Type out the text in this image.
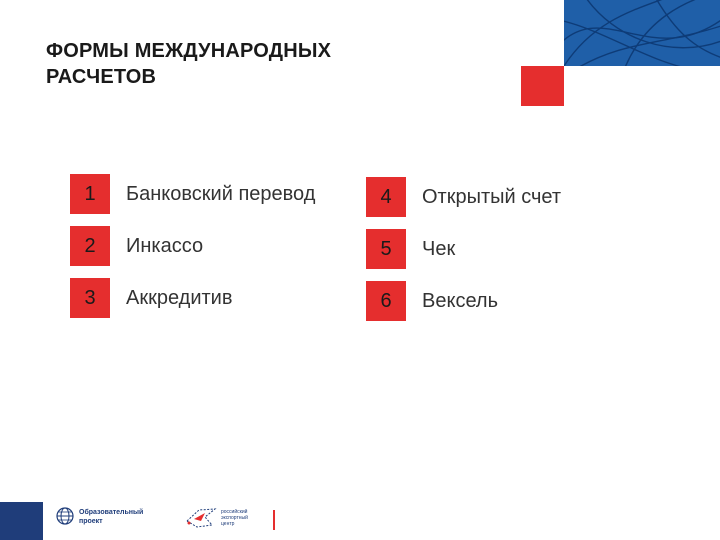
ФОРМЫ МЕЖДУНАРОДНЫХ
РАСЧЕТОВ
1	Банковский перевод
2	Инкассо
3	Аккредитив
4	Открытый счет
5	Чек
6	Вексель
Образовательный
проект
российский
экспортный
центр
